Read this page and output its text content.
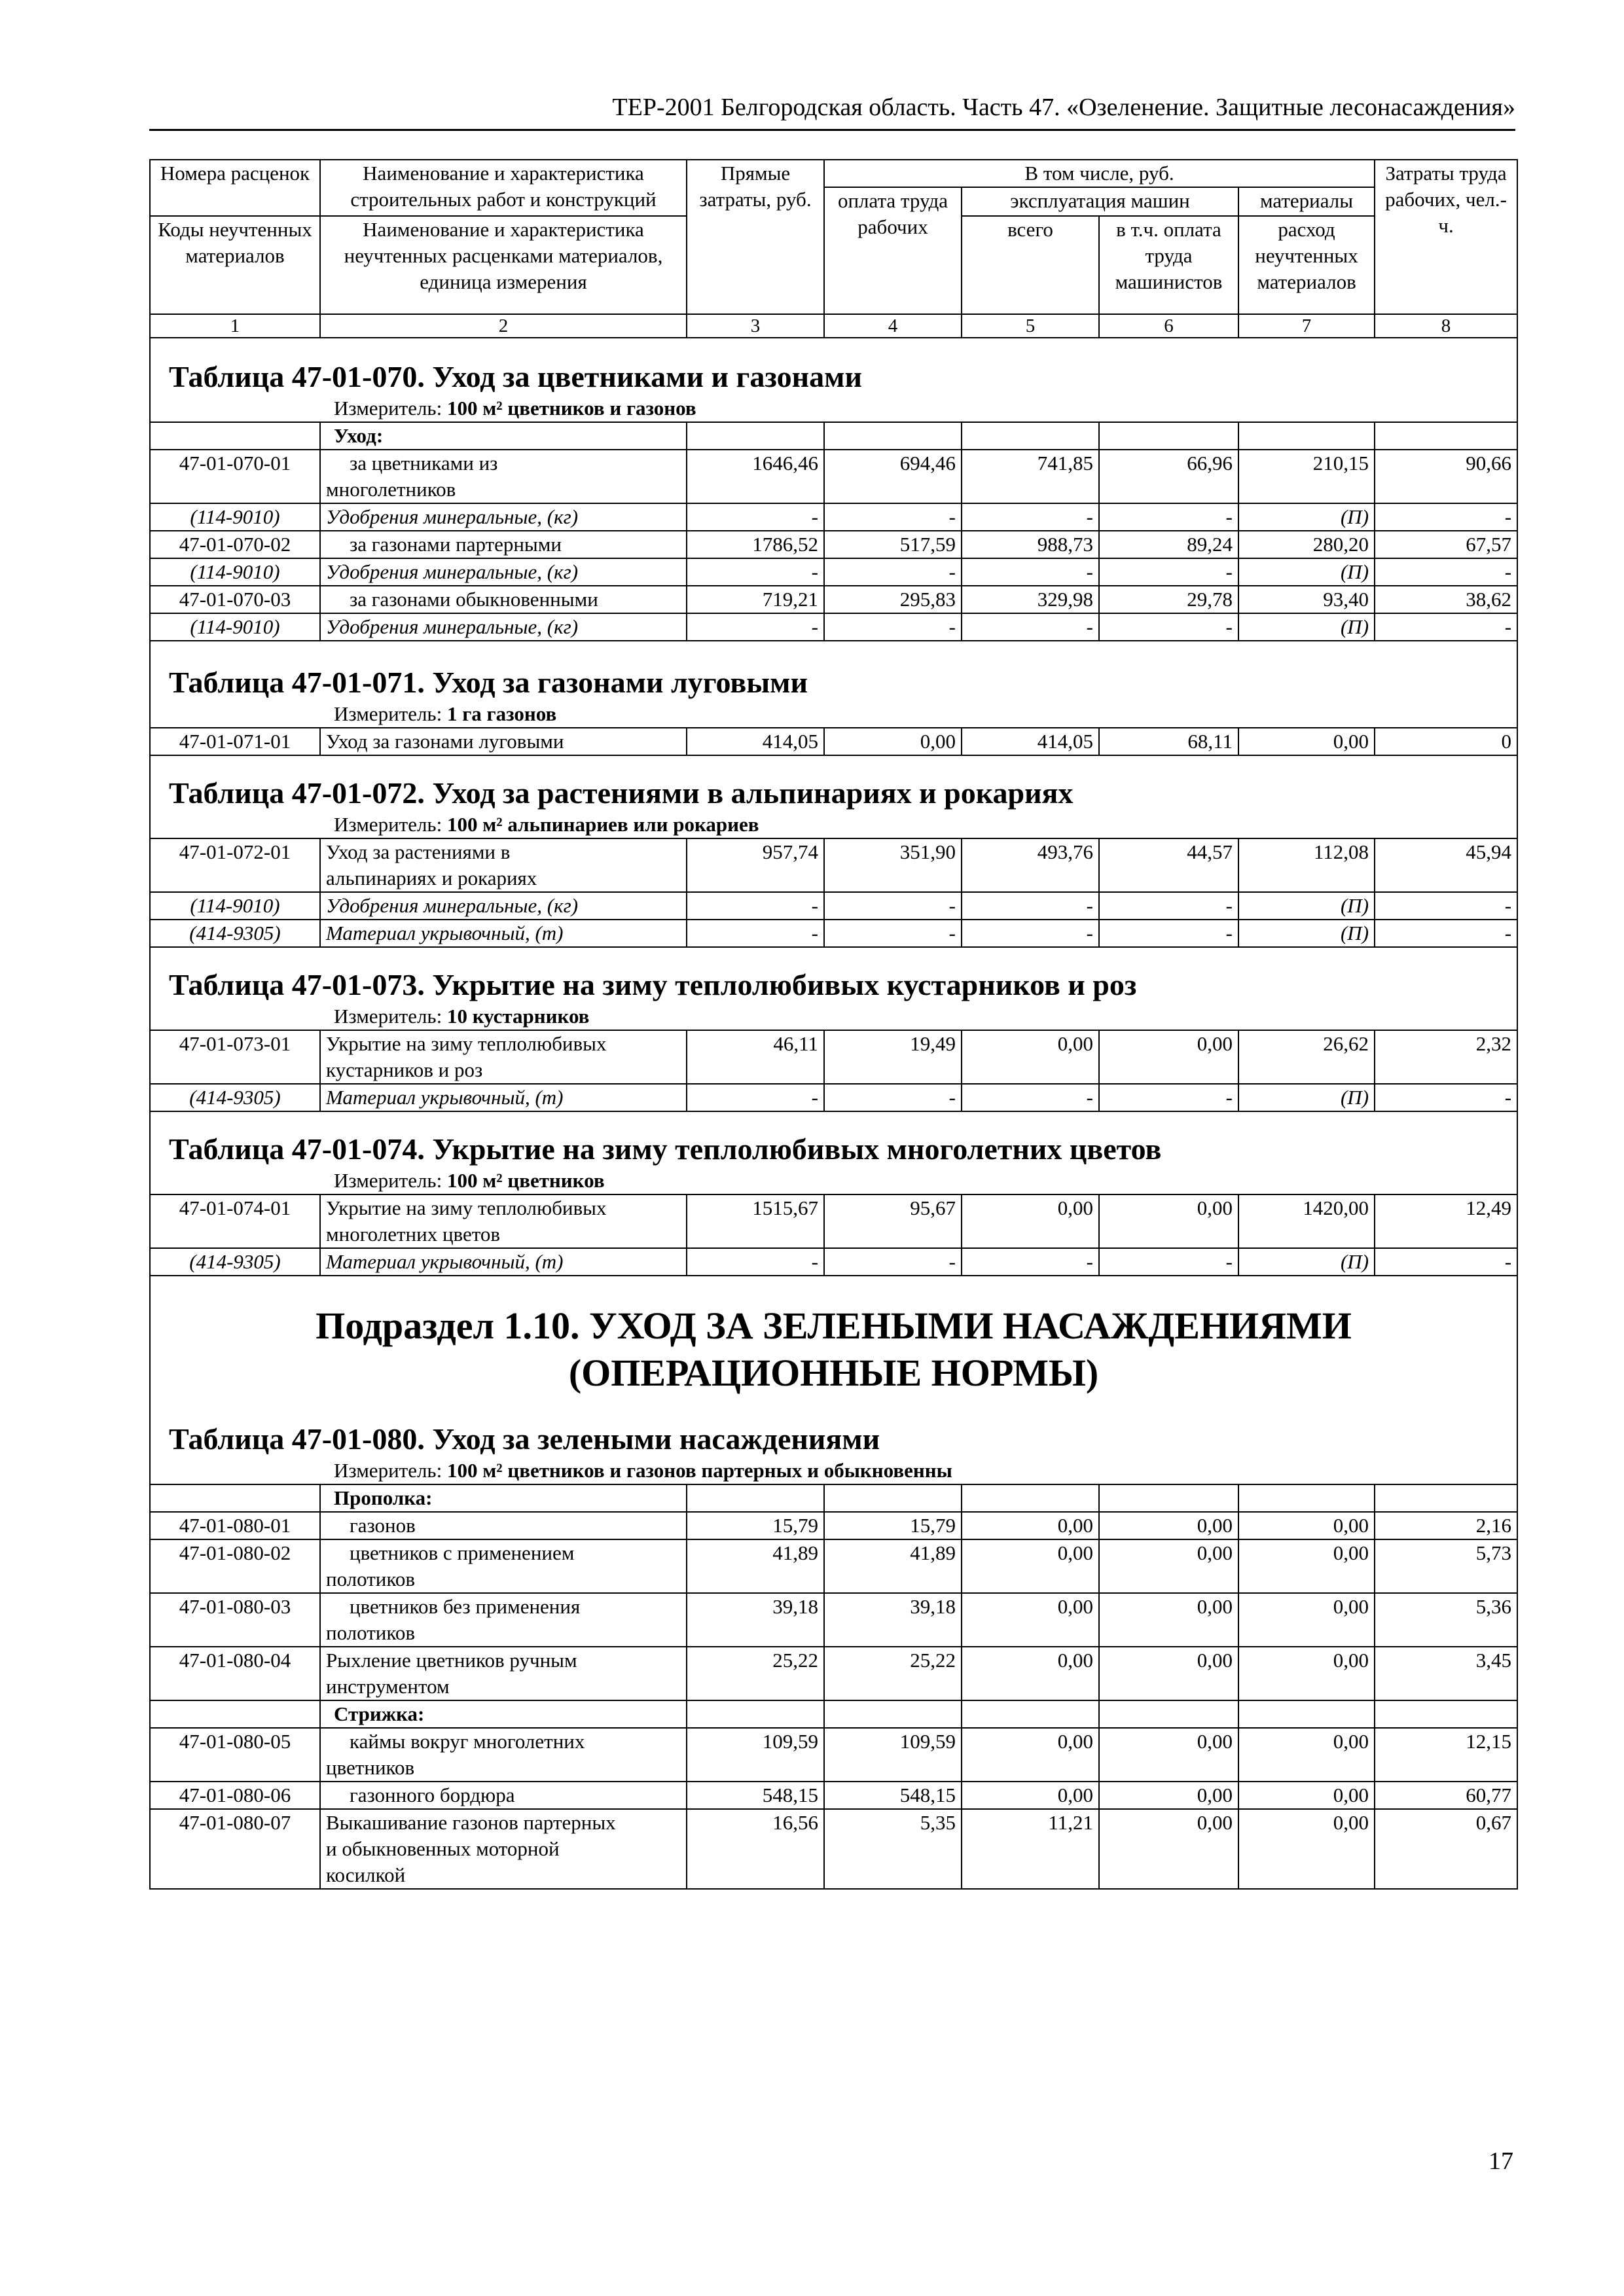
ТЕР-2001 Белгородская область. Часть 47. «Озеленение. Защитные лесонасаждения»
Номера расценок	Наименование и характеристика строительных работ и конструкций	Прямые затраты, руб.	В том числе, руб.				Затраты труда рабочих, чел.-ч.
			оплата труда рабочих	эксплуатация машин		материалы	
Коды неучтенных материалов	Наименование и характеристика неучтенных расценками материалов, единица измерения			всего	в т.ч. оплата труда машинистов	расход неучтенных материалов	

1	2	3	4	5	6	7	8

Таблица 47-01-070. Уход за цветниками и газонами							
Измеритель: 100 м² цветников и газонов							
	Уход:						
47-01-070-01	за цветниками из
многолетников	1646,46	694,46	741,85	66,96	210,15	90,66
(114-9010)	Удобрения минеральные, (кг)	-	-	-	-	(П)	-
47-01-070-02	за газонами партерными	1786,52	517,59	988,73	89,24	280,20	67,57
(114-9010)	Удобрения минеральные, (кг)	-	-	-	-	(П)	-
47-01-070-03	за газонами обыкновенными	719,21	295,83	329,98	29,78	93,40	38,62
(114-9010)	Удобрения минеральные, (кг)	-	-	-	-	(П)	-

Таблица 47-01-071. Уход за газонами луговыми							
Измеритель: 1 га газонов							
47-01-071-01	Уход за газонами луговыми	414,05	0,00	414,05	68,11	0,00	0

Таблица 47-01-072. Уход за растениями в альпинариях и рокариях							
Измеритель: 100 м² альпинариев или рокариев							
47-01-072-01	Уход за растениями в
альпинариях и рокариях	957,74	351,90	493,76	44,57	112,08	45,94
(114-9010)	Удобрения минеральные, (кг)	-	-	-	-	(П)	-
(414-9305)	Материал укрывочный, (т)	-	-	-	-	(П)	-

Таблица 47-01-073. Укрытие на зиму теплолюбивых кустарников и роз							
Измеритель: 10 кустарников							
47-01-073-01	Укрытие на зиму теплолюбивых
кустарников и роз	46,11	19,49	0,00	0,00	26,62	2,32
(414-9305)	Материал укрывочный, (т)	-	-	-	-	(П)	-

Таблица 47-01-074. Укрытие на зиму теплолюбивых многолетних цветов							
Измеритель: 100 м² цветников							
47-01-074-01	Укрытие на зиму теплолюбивых
многолетних цветов	1515,67	95,67	0,00	0,00	1420,00	12,49
(414-9305)	Материал укрывочный, (т)	-	-	-	-	(П)	-

Подраздел 1.10. УХОД ЗА ЗЕЛЕНЫМИ НАСАЖДЕНИЯМИ							
(ОПЕРАЦИОННЫЕ НОРМЫ)							

Таблица 47-01-080. Уход за зелеными насаждениями							
Измеритель: 100 м² цветников и газонов партерных и обыкновенны							
	Прополка:						
47-01-080-01	газонов	15,79	15,79	0,00	0,00	0,00	2,16
47-01-080-02	цветников с применением
полотиков	41,89	41,89	0,00	0,00	0,00	5,73
47-01-080-03	цветников без применения
полотиков	39,18	39,18	0,00	0,00	0,00	5,36
47-01-080-04	Рыхление цветников ручным
инструментом	25,22	25,22	0,00	0,00	0,00	3,45
	Стрижка:						
47-01-080-05	каймы вокруг многолетних
цветников	109,59	109,59	0,00	0,00	0,00	12,15
47-01-080-06	газонного бордюра	548,15	548,15	0,00	0,00	0,00	60,77
47-01-080-07	Выкашивание газонов партерных
и обыкновенных моторной
косилкой	16,56	5,35	11,21	0,00	0,00	0,67
17
